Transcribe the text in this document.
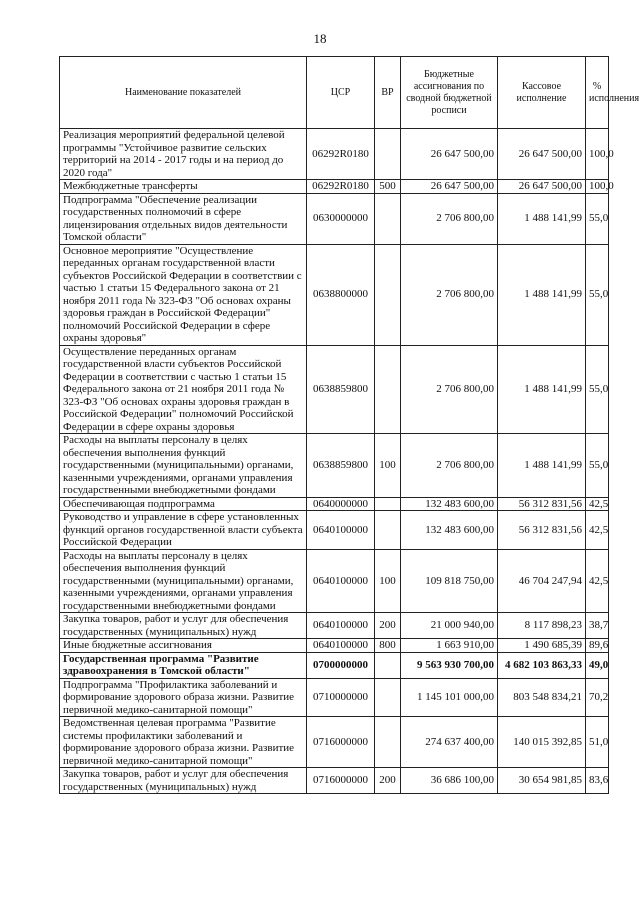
18
Наименование показателей	ЦСР	ВР	Бюджетные ассигнования по сводной бюджетной росписи	Кассовое исполнение	% исполнения
Реализация мероприятий федеральной целевой программы "Устойчивое развитие сельских территорий на 2014 - 2017 годы и на период до 2020 года"	06292R0180		26 647 500,00	26 647 500,00	100,0
Межбюджетные трансферты	06292R0180	500	26 647 500,00	26 647 500,00	100,0
Подпрограмма "Обеспечение реализации государственных полномочий в сфере лицензирования отдельных видов деятельности Томской области"	0630000000		2 706 800,00	1 488 141,99	55,0
Основное мероприятие "Осуществление переданных органам государственной власти субъектов Российской Федерации в соответствии с частью 1 статьи 15 Федерального закона от 21 ноября 2011 года № 323-ФЗ "Об основах охраны здоровья граждан в Российской Федерации" полномочий Российской Федерации в сфере охраны здоровья"	0638800000		2 706 800,00	1 488 141,99	55,0
Осуществление переданных органам государственной власти субъектов Российской Федерации в соответствии с частью 1 статьи 15 Федерального закона от 21 ноября 2011 года № 323-ФЗ "Об основах охраны здоровья граждан в Российской Федерации" полномочий Российской Федерации в сфере охраны здоровья	0638859800		2 706 800,00	1 488 141,99	55,0
Расходы на выплаты персоналу в целях обеспечения выполнения функций государственными (муниципальными) органами, казенными учреждениями, органами управления государственными внебюджетными фондами	0638859800	100	2 706 800,00	1 488 141,99	55,0
Обеспечивающая подпрограмма	0640000000		132 483 600,00	56 312 831,56	42,5
Руководство и управление в сфере установленных функций органов государственной власти субъекта Российской Федерации	0640100000		132 483 600,00	56 312 831,56	42,5
Расходы на выплаты персоналу в целях обеспечения выполнения функций государственными (муниципальными) органами, казенными учреждениями, органами управления государственными внебюджетными фондами	0640100000	100	109 818 750,00	46 704 247,94	42,5
Закупка товаров, работ и услуг для обеспечения государственных (муниципальных) нужд	0640100000	200	21 000 940,00	8 117 898,23	38,7
Иные бюджетные ассигнования	0640100000	800	1 663 910,00	1 490 685,39	89,6
Государственная программа "Развитие здравоохранения в Томской области"	0700000000		9 563 930 700,00	4 682 103 863,33	49,0
Подпрограмма "Профилактика заболеваний и формирование здорового образа жизни. Развитие первичной медико-санитарной помощи"	0710000000		1 145 101 000,00	803 548 834,21	70,2
Ведомственная целевая программа "Развитие системы профилактики заболеваний и формирование здорового образа жизни. Развитие первичной медико-санитарной помощи"	0716000000		274 637 400,00	140 015 392,85	51,0
Закупка товаров, работ и услуг для обеспечения государственных (муниципальных) нужд	0716000000	200	36 686 100,00	30 654 981,85	83,6
